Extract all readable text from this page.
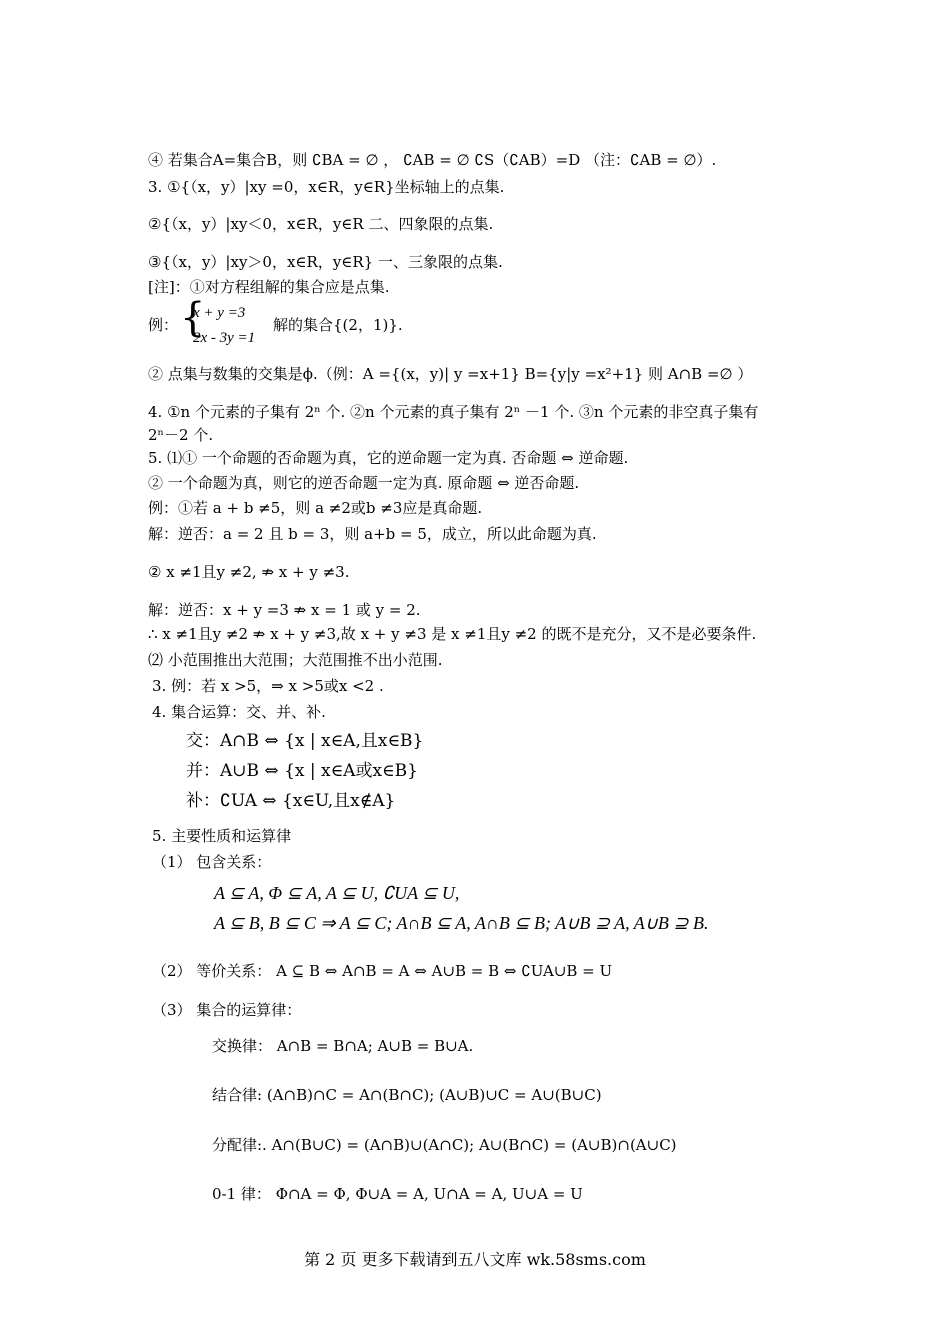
④ 若集合A=集合B，则 ∁BA = ∅ ， ∁AB = ∅ ∁S（∁AB）=D （注：∁AB = ∅）.
3. ①{（x，y）|xy =0，x∈R，y∈R}坐标轴上的点集.
②{（x，y）|xy＜0，x∈R，y∈R 二、四象限的点集.
③{（x，y）|xy＞0，x∈R，y∈R} 一、三象限的点集.
[注]：①对方程组解的集合应是点集.
例： {
x + y =3
2x - 3y =1
解的集合{(2，1)}.
② 点集与数集的交集是ϕ.（例：A ={(x，y)| y =x+1} B={y|y =x²+1} 则 A∩B =∅ ）
4. ①n 个元素的子集有 2ⁿ 个. ②n 个元素的真子集有 2ⁿ －1 个. ③n 个元素的非空真子集有
2ⁿ－2 个.
5. ⑴① 一个命题的否命题为真，它的逆命题一定为真. 否命题 ⇔ 逆命题.
② 一个命题为真，则它的逆否命题一定为真. 原命题 ⇔ 逆否命题.
例：①若 a + b ≠5，则 a ≠2或b ≠3应是真命题.
解：逆否：a = 2 且 b = 3，则 a+b = 5，成立，所以此命题为真.
② x ≠1且y ≠2, ⇏ x + y ≠3.
解：逆否：x + y =3 ⇏ x = 1 或 y = 2.
∴ x ≠1且y ≠2 ⇏ x + y ≠3,故 x + y ≠3 是 x ≠1且y ≠2 的既不是充分，又不是必要条件.
⑵ 小范围推出大范围；大范围推不出小范围.
3. 例：若 x >5，⇒ x >5或x <2 .
4. 集合运算：交、并、补.
交：A∩B ⇔ {x | x∈A,且x∈B}
并：A∪B ⇔ {x | x∈A或x∈B}
补：∁UA ⇔ {x∈U,且x∉A}
5. 主要性质和运算律
（1） 包含关系：
A ⊆ A, Φ ⊆ A, A ⊆ U, ∁UA ⊆ U,
A ⊆ B, B ⊆ C ⇒ A ⊆ C; A∩B ⊆ A, A∩B ⊆ B; A∪B ⊇ A, A∪B ⊇ B.
（2） 等价关系： A ⊆ B ⇔ A∩B = A ⇔ A∪B = B ⇔ ∁UA∪B = U
（3） 集合的运算律：
交换律： A∩B = B∩A; A∪B = B∪A.
结合律: (A∩B)∩C = A∩(B∩C); (A∪B)∪C = A∪(B∪C)
分配律:. A∩(B∪C) = (A∩B)∪(A∩C); A∪(B∩C) = (A∪B)∩(A∪C)
0-1 律： Φ∩A = Φ, Φ∪A = A, U∩A = A, U∪A = U
第 2 页 更多下载请到五八文库 wk.58sms.com
